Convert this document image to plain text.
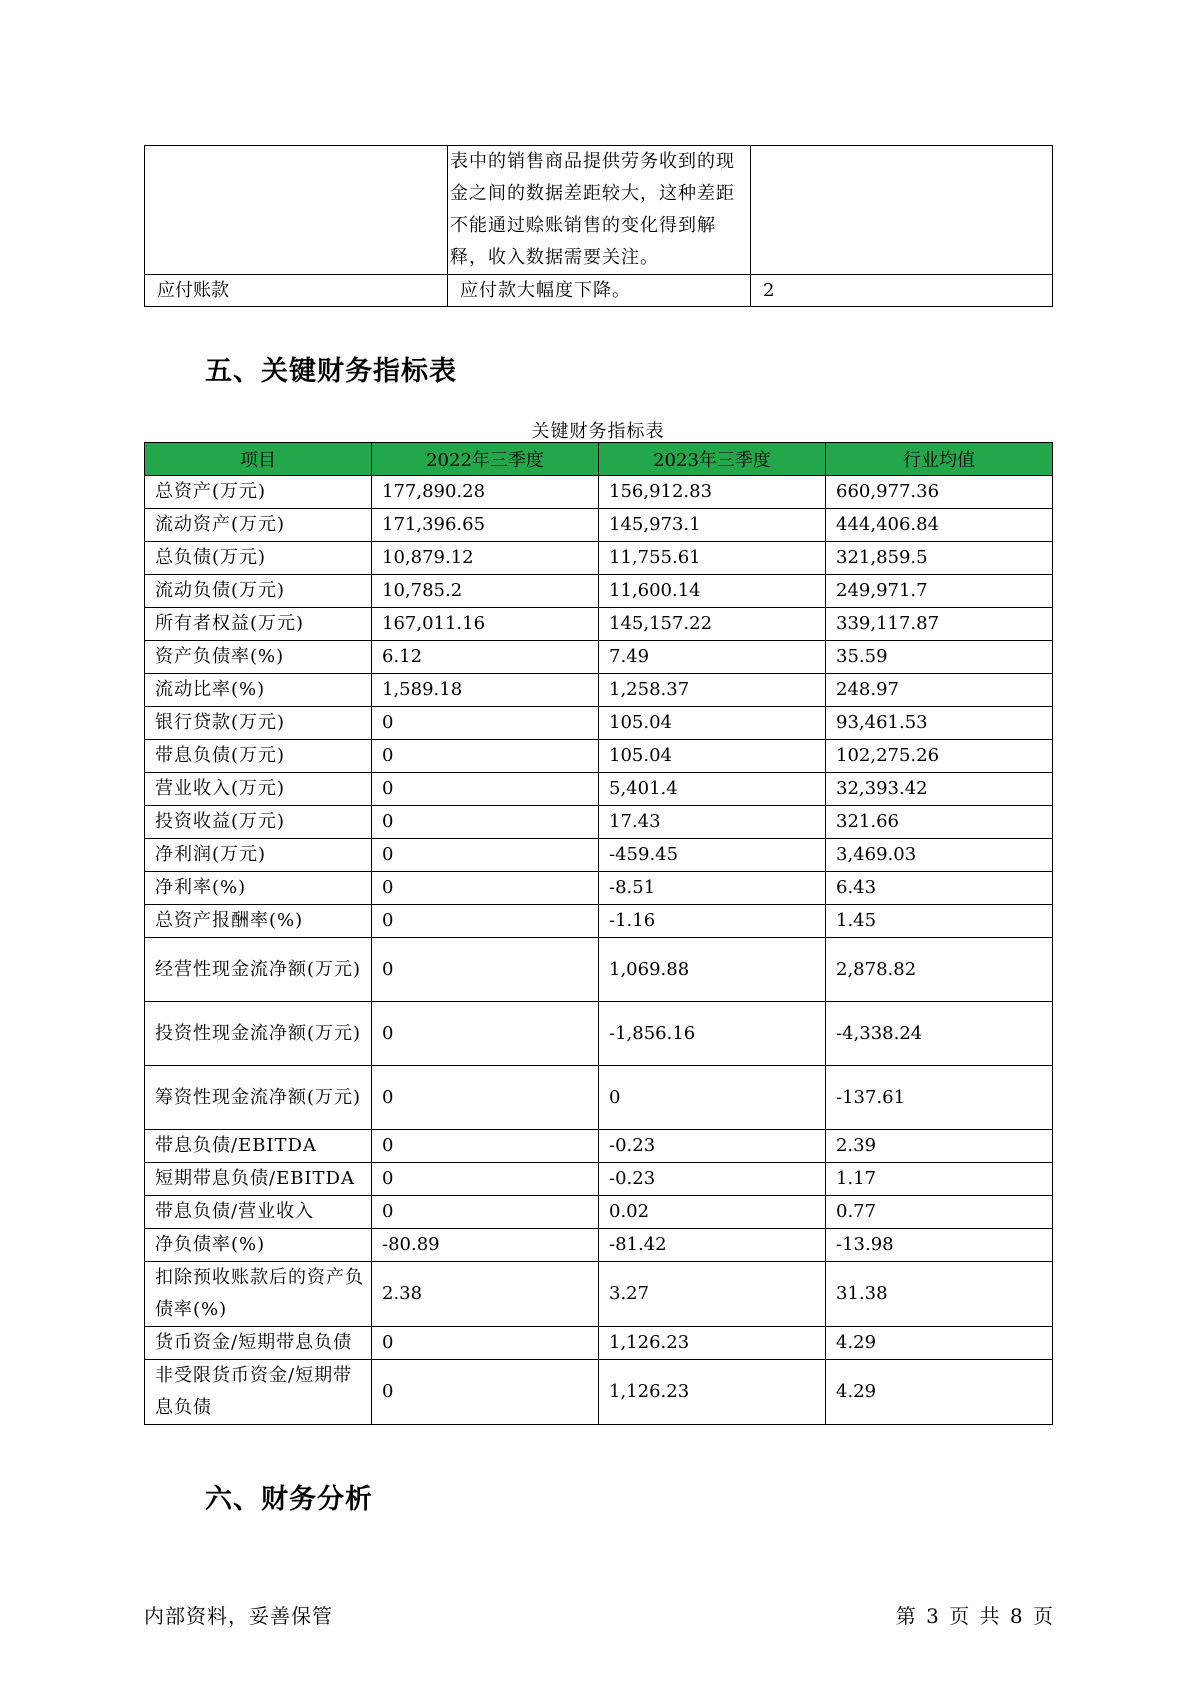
	表中的销售商品提供劳务收到的现金之间的数据差距较大，这种差距不能通过赊账销售的变化得到解释，收入数据需要关注。	
应付账款	应付款大幅度下降。	2
五、关键财务指标表
关键财务指标表
项目	2022年三季度	2023年三季度	行业均值
总资产(万元)	177,890.28	156,912.83	660,977.36
流动资产(万元)	171,396.65	145,973.1	444,406.84
总负债(万元)	10,879.12	11,755.61	321,859.5
流动负债(万元)	10,785.2	11,600.14	249,971.7
所有者权益(万元)	167,011.16	145,157.22	339,117.87
资产负债率(%)	6.12	7.49	35.59
流动比率(%)	1,589.18	1,258.37	248.97
银行贷款(万元)	0	105.04	93,461.53
带息负债(万元)	0	105.04	102,275.26
营业收入(万元)	0	5,401.4	32,393.42
投资收益(万元)	0	17.43	321.66
净利润(万元)	0	-459.45	3,469.03
净利率(%)	0	-8.51	6.43
总资产报酬率(%)	0	-1.16	1.45
经营性现金流净额(万元)	0	1,069.88	2,878.82
投资性现金流净额(万元)	0	-1,856.16	-4,338.24
筹资性现金流净额(万元)	0	0	-137.61
带息负债/EBITDA	0	-0.23	2.39
短期带息负债/EBITDA	0	-0.23	1.17
带息负债/营业收入	0	0.02	0.77
净负债率(%)	-80.89	-81.42	-13.98
扣除预收账款后的资产负债率(%)	2.38	3.27	31.38
货币资金/短期带息负债	0	1,126.23	4.29
非受限货币资金/短期带息负债	0	1,126.23	4.29
六、财务分析
内部资料，妥善保管	第 3 页 共 8 页
